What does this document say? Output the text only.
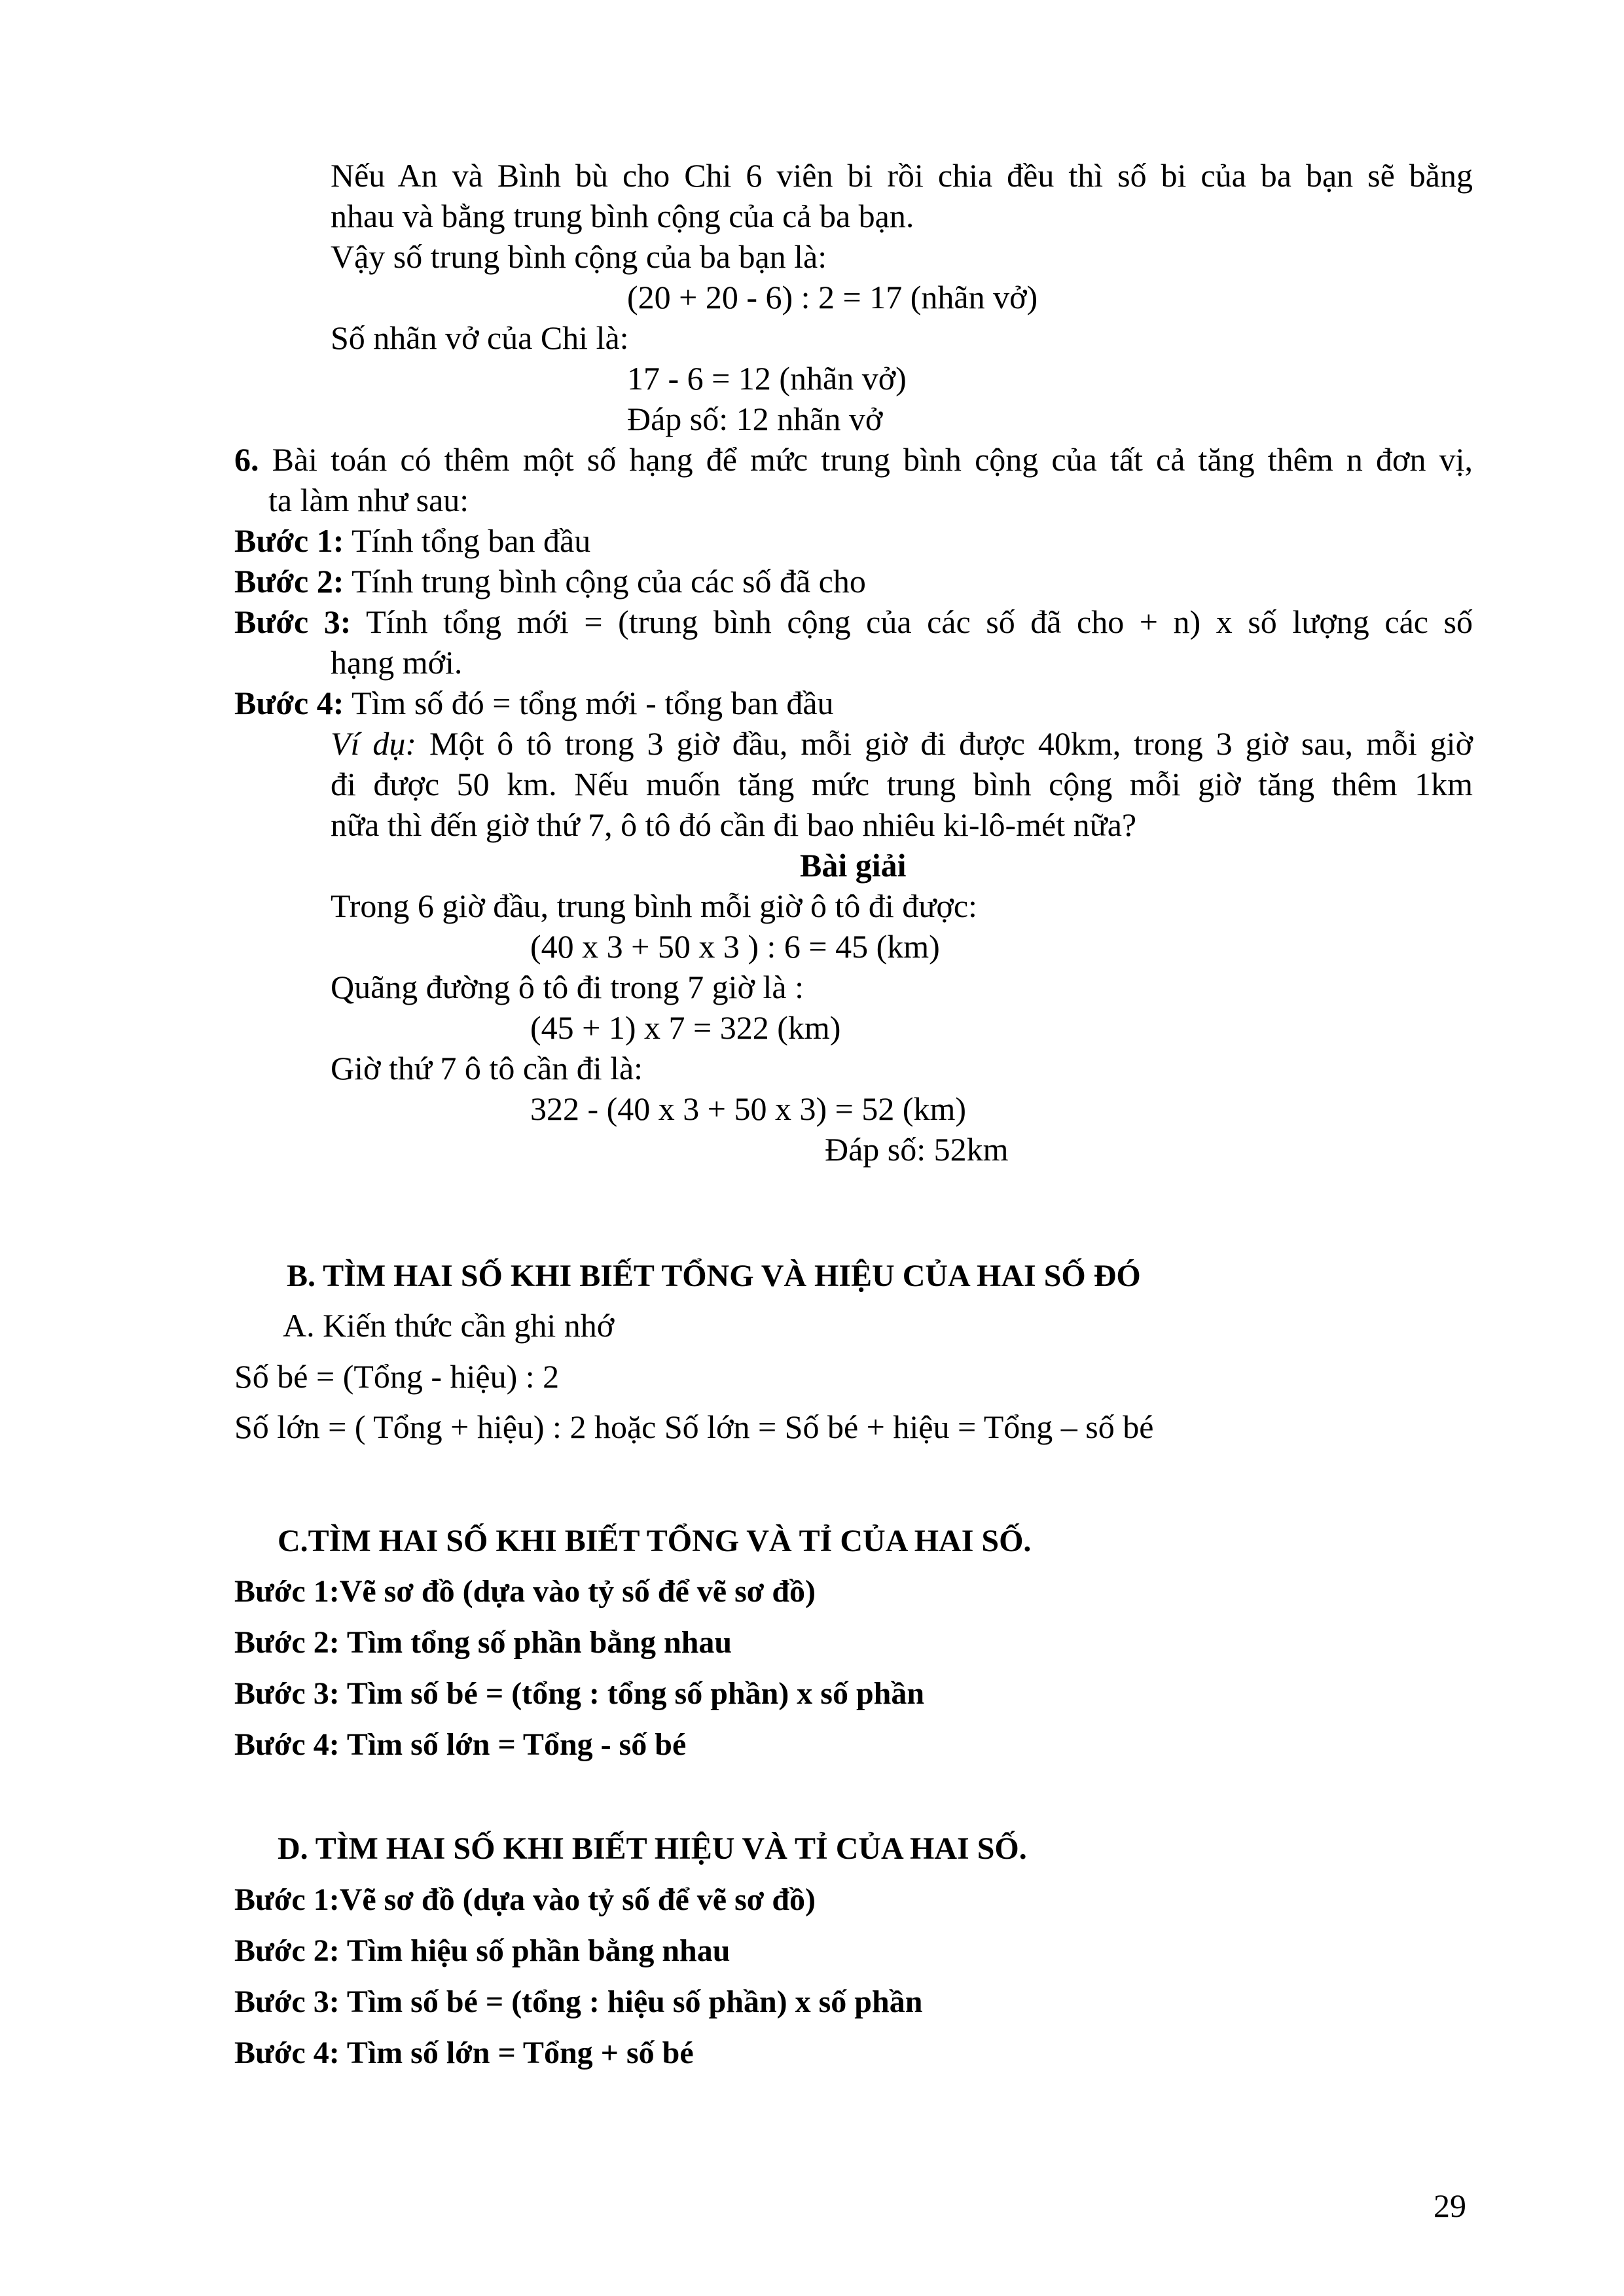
Nếu An và Bình bù cho Chi 6 viên bi rồi chia đều thì số bi của ba bạn sẽ bằng
nhau và bằng trung bình cộng của cả ba bạn.
Vậy số trung bình cộng của ba bạn là:
(20 + 20 - 6) : 2 = 17 (nhãn vở)
Số nhãn vở của Chi là:
17 - 6 = 12 (nhãn vở)
Đáp số: 12 nhãn vở
6. Bài toán có thêm một số hạng để mức trung bình cộng của tất cả tăng thêm n đơn vị,
ta làm như sau:
Bước 1: Tính tổng ban đầu
Bước 2: Tính trung bình cộng của các số đã cho
Bước 3: Tính tổng mới = (trung bình cộng của các số đã cho + n) x số lượng các số
hạng mới.
Bước 4: Tìm số đó = tổng mới - tổng ban đầu
Ví dụ: Một ô tô trong 3 giờ đầu, mỗi giờ đi được 40km, trong 3 giờ sau, mỗi giờ
đi được 50 km. Nếu muốn tăng mức trung bình cộng mỗi giờ tăng thêm 1km
nữa thì đến giờ thứ 7, ô tô đó cần đi bao nhiêu ki-lô-mét nữa?
Bài giải
Trong 6 giờ đầu, trung bình mỗi giờ ô tô đi được:
(40 x 3 + 50 x 3 ) : 6 = 45 (km)
Quãng đường ô tô đi trong 7 giờ là :
(45 + 1) x 7 = 322 (km)
Giờ thứ 7 ô tô cần đi là:
322 - (40 x 3 + 50 x 3) = 52 (km)
Đáp số: 52km
B. TÌM HAI SỐ KHI BIẾT TỔNG VÀ HIỆU CỦA HAI SỐ ĐÓ
A. Kiến thức cần ghi nhớ
Số bé = (Tổng - hiệu) : 2
Số lớn = ( Tổng + hiệu) : 2 hoặc Số lớn = Số bé + hiệu = Tổng – số bé
C.TÌM HAI SỐ KHI BIẾT TỔNG VÀ TỈ CỦA HAI SỐ.
Bước 1:Vẽ sơ đồ (dựa vào tỷ số để vẽ sơ đồ)
Bước 2: Tìm tổng số phần bằng nhau
Bước 3: Tìm số bé = (tổng : tổng số phần) x số phần
Bước 4: Tìm số lớn = Tổng - số bé
D. TÌM HAI SỐ KHI BIẾT HIỆU VÀ TỈ CỦA HAI SỐ.
Bước 1:Vẽ sơ đồ (dựa vào tỷ số để vẽ sơ đồ)
Bước 2: Tìm hiệu số phần bằng nhau
Bước 3: Tìm số bé = (tổng : hiệu số phần) x số phần
Bước 4: Tìm số lớn = Tổng + số bé
29
